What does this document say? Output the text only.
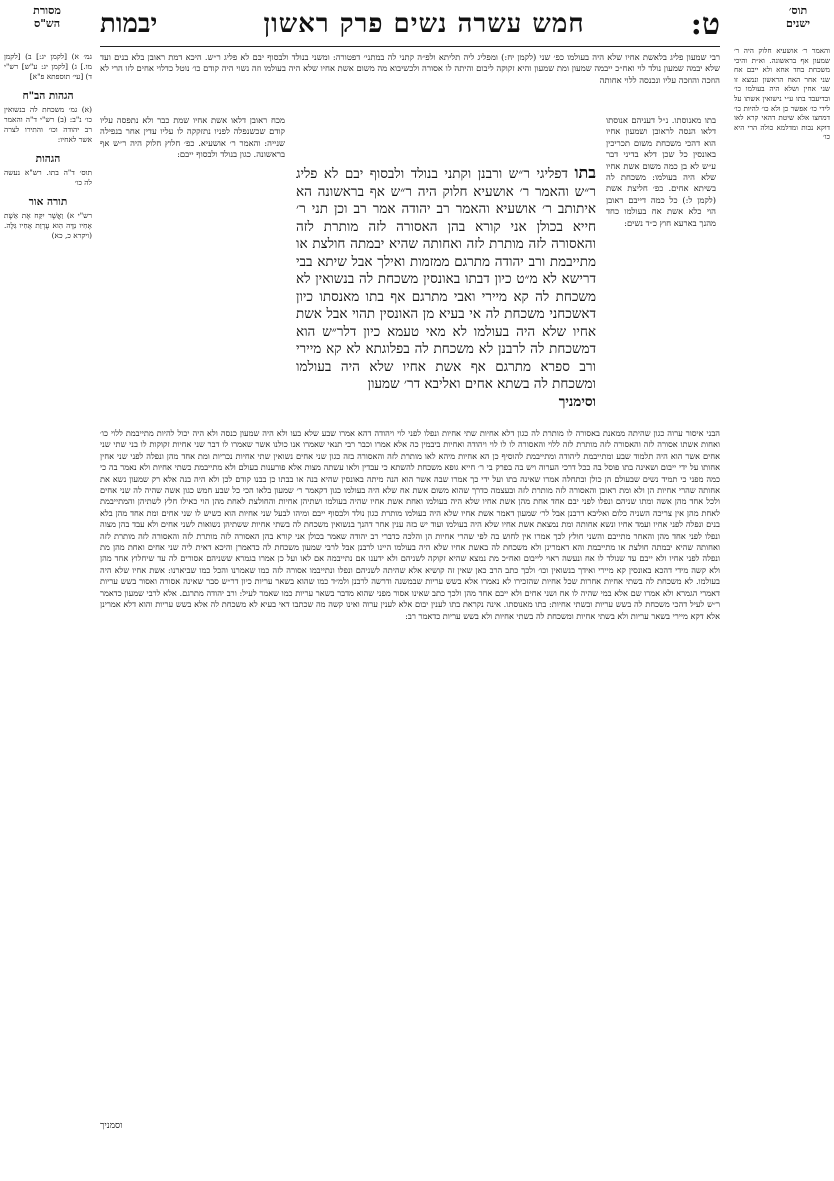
מסורת
הש"ס	ט:
חמש עשרה נשים פרק ראשון
יבמות	תוס׳
ישנים
גמ׳ א) [לקמן יג:] ב) [לקמן מו.] ג) [לקמן יג: ע"ש] רש"י ד) [עי׳ תוספתא פ"א]
הגהות הב"ח
(א) גמ׳ משכחת לה בנשואין כו׳ נ"ב: (ב) רש"י ד"ה והאמר רב יהודה וכו׳ והתירו לצרה אשר לאחיו:
הגהות
תוס׳ ד"ה בתו. רש"א נעשה לה כו׳
תורה אור
רש"י א) וַאֲשֶׁר יִקַּח אֶת אֵשֶׁת אָחִיו נִדָּה הִוא עֶרְוַת אָחִיו גִּלָּה. (ויקרא כ, כא)
והאמר ר׳ אושעיא חלוק היה ר׳ שמעון אף בראשונה. וא״ת והיכי משכחת בחד אחא ולא ייבם אח שני אחר האח הראשון ונמצא זו שני אחין ושלא היה בעולמו כו׳ ובדיעבד בתו ע״י נישואין אשתו על לידי כו׳ אפשר כן ולא כו׳ להיות כו׳ דמחצו אלא שיטת דהאי קרא לאו דוקא נבות ומדלמא כולה הרי היא כו׳
רבי שמעון פליג בלאשת אחיו שלא היה בעולמו כפ׳ שני (לקמן יח:) ומפליג ליה תליתא ולפ״ה קתני לה במתני׳ דפטורה: ומשני בנולד ולבסוף יבם לא פליג ר״ש. היכא דמת ראובן בלא בנים ועד שלא יבמה שמעון נולד לוי ואח״כ ייבמה שמעון ומת שמעון והיא זקוקה ליבום והיתה לו אסורה ולכשיבוא מה משום אשת אחיו שלא היה בעולמו וזה נשוי היה קודם כו׳ נוטל כדלוי אחים לזו הרי לא הוזכה והוזכה עליו ונכנסה ללוי אחותה
מכח ראובן דלאו אשת אחיו שמת כבר ולא נתפסה עליו קודם שכשנפלה לפניו נתזקקה לו עליו עדין אחר בנפילה שנייה: והאמר ר׳ אושעיא. כפ׳ חלוץ חלוק היה ר״ש אף בראשונה. כגון בנולד ולבסוף ייבם:
בתו מאנוסתו. נ״ל דעניהם אנוסתו דלאו הנסה לראובן ושמעון אחיו הוא דהכי משכחת משום תכריכין באונסין כל שכן דלא בדיני דבר ע״ש לא בן כמה משום אשת אחיו שלא היה בעולמו: משכחת לה בשיתא אחים. כפ׳ חליצת אשת (לקמן ל:) כל כמה דייבם ראובן הוי כלא אשת אח בעולמו כחד מהנך בארעא חוץ כ״ד נשים:
בתו דפליגי ר״ש ורבנן וקתני בנולד ולבסוף יבם לא פליג ר״ש והאמר ר׳ אושעיא חלוק היה ר״ש אף בראשונה הא איתותב ר׳ אושעיא והאמר רב יהודה אמר רב וכן תני ר׳ חייא בכולן אני קורא בהן האסורה לזה מותרת לזה והאסורה לזה מותרת לזה ואחותה שהיא יבמתה חולצת או מתייבמת ורב יהודה מתרגם ממזמות ואילך אבל שיתא בבי דרישא לא מ״ט כיון דבתו באונסין משכחת לה בנשואין לא משכחת לה קא מיירי ואבי מתרגם אף בתו מאנסתו כיון דאשכחני משכחת לה אי בעיא מן האונסין תהוי אבל אשת אחיו שלא היה בעולמו לא מאי טעמא כיון דלר״ש הוא דמשכחת לה לרבנן לא משכחת לה בפלוגתא לא קא מיירי ורב ספרא מתרגם אף אשת אחיו שלא היה בעולמו ומשכחת לה בשתא אחים ואליבא דר׳ שמעון
וסימניך
הבני איסור ערוה כגון שהיתה ממאנת באסורה לו מותרת לה כגון דלא אחיות שתי אחיות ונפלו לפני לוי ויהודה דהא אמרו שבע שלא בעו ולא היה שמעון כנסה ולא היה יכול להיות מתייבמת ללוי כו׳ ואחות אשתו אסורה לזה והאסורה לזה מותרת לזה ללוי והאסורה לו לו לוי ויהודה ואחיות ביבמין כה אלא אמרו וכבר רבי תנאי שאמרו אנו כולנו אשר שאמרו לו דבר שני אחיות זקוקות לו בני שתי שני אחים אשר הוא היה תלמוד שבע ומתייבמת ליהודה ומתייבמת להוסיף כן הא אחיות מיהא לאו מותרת לזה והאסורה בזה כגון שני אחים נשואין שתי אחיות נכריות ומת אחד מהן ונפלה לפני שני אחין אחותו על ידי ייבום ושאינה בתו פוסל בה ככל דרכי הערוה ויש בה בפרק בי ר׳ חייא גופא משכחת להשתא כי עבדין ולאו עשתה מצות אלא פורענות בעולם ולא מתייבמת כשתי אחיות ולא נאמר בה כי כמה מפני כי תמיד נשים שבעולם הן כולן ובתחלה אמרו שאינה בתו ועל ידי כך אמרו שבה אשר הוא הנה מיתה באונסין שהיא בנה או בבתו כן בבנו קודם לכן ולא היה בנה אלא רק שמעון נשא את אחותה שהרי אחיות הן ולא ומת ראובן והאסורה לזה מותרת לזה ובעצמה כדרך שהוא משום אשת אח שלא היה בעולמו כגון דקאמר ר׳ שמעון בלאו הכי כל שבע חמש כגון אשה שהיה לה שני אחים ולכל אחד מהן אשה ומתו שניהם ונפלו לפני יבם אחד אחת מהן אשת אחיו שלא היה בעולמו ואחת אשת אחיו שהיה בעולמו ושתיהן אחיות והחולצת לאחת מהן הוי כאילו חלץ לשתיהן והמתייבמת לאחת מהן אין צריכה השניה כלום ואליבא דרבנן אבל לר׳ שמעון דאמר אשת אחיו שלא היה בעולמו מותרת כגון נולד ולבסוף ייבם ומיהו לבעל שני אחיות הוא כשיש לו שני אחים ומת אחד מהן בלא בנים ונפלה לפני אחיו ועמד אחיו ונשא אחותה ומת נמצאת אשת אחיו שלא היה בעולמו ועוד יש בזה ענין אחר דהנך בנשואין משכחת לה בשתי אחיות ששתיהן נשואות לשני אחים ולא עבד בהן מצוה ונפלו לפני אחד מהן והאחר מתייבם והשני חולץ לכך אמרו אין לחוש בה לפי שהרי אחיות הן והלכה כדברי רב יהודה שאמר בכולן אני קורא בהן האסורה לזה מותרת לזה והאסורה לזה מותרת לזה ואחותה שהיא יבמתה חולצת או מתייבמת והא דאמרינן ולא משכחת לה באשת אחיו שלא היה בעולמו היינו לרבנן אבל לרבי שמעון משכחת לה כדאמרן והיכא דאית ליה שני אחים ואחת מהן מת ונפלה לפני אחיו ולא ייבם עד שנולד לו אח ונעשה ראוי לייבום ואח״כ מת נמצא שהיא זקוקה לשניהם ולא ידענו אם נתייבמה אם לאו ועל כן אמרו בגמרא ששניהם אסורים לה עד שיחלוץ אחד מהן ולא קשה מידי דהכא באונסין קא מיירי ואידך בנשואין וכו׳ ולכך כתב הרב כאן שאין זה קושיא אלא שהיתה לשניהם ונפלו ונתייבמו אסורה לזה כמו שאמרנו והכל כמו שביארנו: אשת אחיו שלא היה בעולמו. לא משכחת לה בשתי אחיות אחרות שכל אחיות שהזכירו לא נאמרו אלא בשש עריות שבמשנה ודרשה לרבנן ולמ״ד כמו שהוא בשאר עריות כיון דר״ש סבר שאינה אסורה ואסור בשש עריות דאמרי הגמרא ולא אמרו שם אלא במי שהיה לו אח ושני אחים ולא ייבם אחד מהן ולכך כתב שאינו אסור מפני שהוא מדבר בשאר עריות כמו שאמר לעיל: ורב יהודה מתרגם. אלא לרבי שמעון כדאמר ר״ש לעיל דהכי משכחת לה בשש עריות ובשתי אחיות: בתו מאנוסתו. אינה נקראת בתו לענין יבום אלא לענין ערוה ואינו קשה מה שכתבו דאי בעיא לא משכחת לה אלא בשש עריות והוא דלא אמרינן אלא דקא מיירי בשאר עריות ולא בשתי אחיות ומשכחת לה בשתי אחיות ולא בשש עריות כדאמר רב:
וסמניך
